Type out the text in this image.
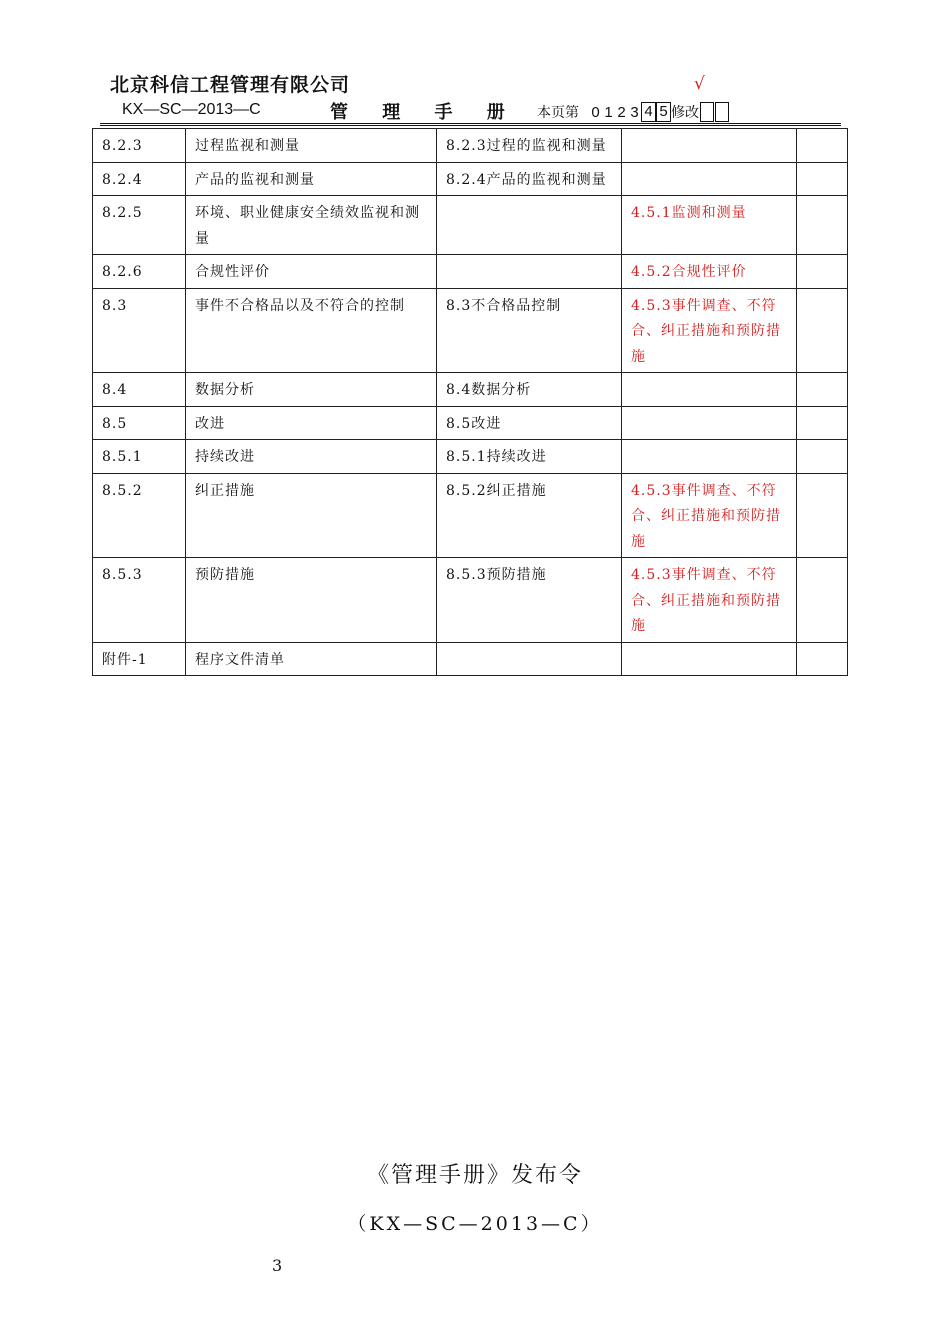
北京科信工程管理有限公司	√
KX—SC—2013—C	管 理 手 册 本页第 0 1 2 3 4 5 修改
8.2.3	过程监视和测量	8.2.3过程的监视和测量		
8.2.4	产品的监视和测量	8.2.4产品的监视和测量		
8.2.5	环境、职业健康安全绩效监视和测量		4.5.1监测和测量	
8.2.6	合规性评价		4.5.2合规性评价	
8.3	事件不合格品以及不符合的控制	8.3不合格品控制	4.5.3事件调查、不符合、纠正措施和预防措施	
8.4	数据分析	8.4数据分析		
8.5	改进	8.5改进		
8.5.1	持续改进	8.5.1持续改进		
8.5.2	纠正措施	8.5.2纠正措施	4.5.3事件调查、不符合、纠正措施和预防措施	
8.5.3	预防措施	8.5.3预防措施	4.5.3事件调查、不符合、纠正措施和预防措施	
附件-1	程序文件清单			
《管理手册》发布令
（KX—SC—2013—C）
3
